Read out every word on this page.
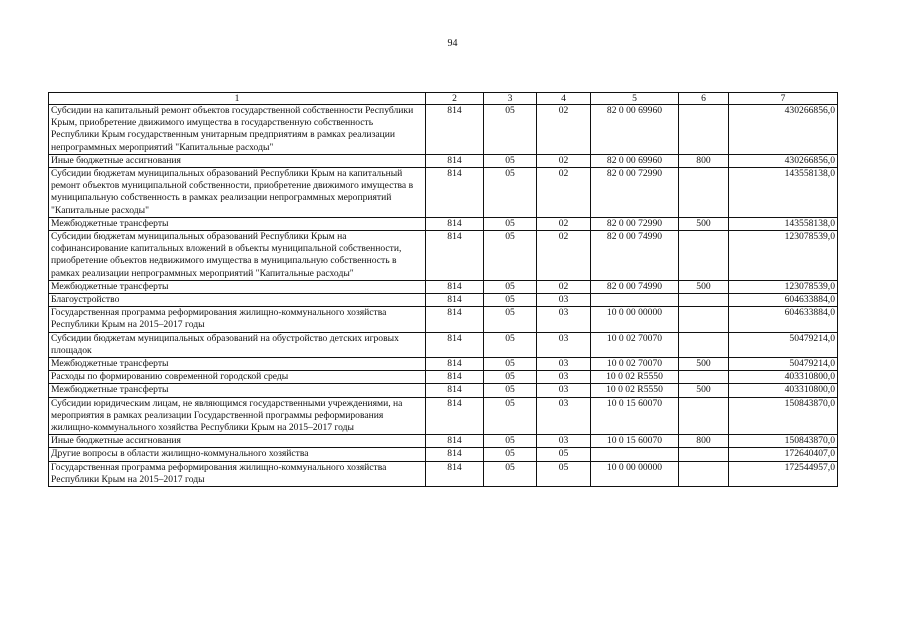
94
1	2	3	4	5	6	7
Субсидии на капитальный ремонт объектов государственной собственности Республики Крым, приобретение движимого имущества в государственную собственность Республики Крым государственным унитарным предприятиям в рамках реализации непрограммных мероприятий "Капитальные расходы"	814	05	02	82 0 00 69960		430266856,0
Иные бюджетные ассигнования	814	05	02	82 0 00 69960	800	430266856,0
Субсидии бюджетам муниципальных образований Республики Крым на капитальный ремонт объектов муниципальной собственности, приобретение движимого имущества в муниципальную собственность в рамках реализации непрограммных мероприятий "Капитальные расходы"	814	05	02	82 0 00 72990		143558138,0
Межбюджетные трансферты	814	05	02	82 0 00 72990	500	143558138,0
Субсидии бюджетам муниципальных образований Республики Крым на софинансирование капитальных вложений в объекты муниципальной собственности, приобретение объектов недвижимого имущества в муниципальную собственность в рамках реализации непрограммных мероприятий "Капитальные расходы"	814	05	02	82 0 00 74990		123078539,0
Межбюджетные трансферты	814	05	02	82 0 00 74990	500	123078539,0
Благоустройство	814	05	03			604633884,0
Государственная программа реформирования жилищно-коммунального хозяйства Республики Крым на 2015–2017 годы	814	05	03	10 0 00 00000		604633884,0
Субсидии бюджетам муниципальных образований на обустройство детских игровых площадок	814	05	03	10 0 02 70070		50479214,0
Межбюджетные трансферты	814	05	03	10 0 02 70070	500	50479214,0
Расходы по формированию современной городской среды	814	05	03	10 0 02 R5550		403310800,0
Межбюджетные трансферты	814	05	03	10 0 02 R5550	500	403310800,0
Субсидии юридическим лицам, не являющимся государственными учреждениями, на мероприятия в рамках реализации Государственной программы реформирования жилищно-коммунального хозяйства Республики Крым на 2015–2017 годы	814	05	03	10 0 15 60070		150843870,0
Иные бюджетные ассигнования	814	05	03	10 0 15 60070	800	150843870,0
Другие вопросы в области жилищно-коммунального хозяйства	814	05	05			172640407,0
Государственная программа реформирования жилищно-коммунального хозяйства Республики Крым на 2015–2017 годы	814	05	05	10 0 00 00000		172544957,0
